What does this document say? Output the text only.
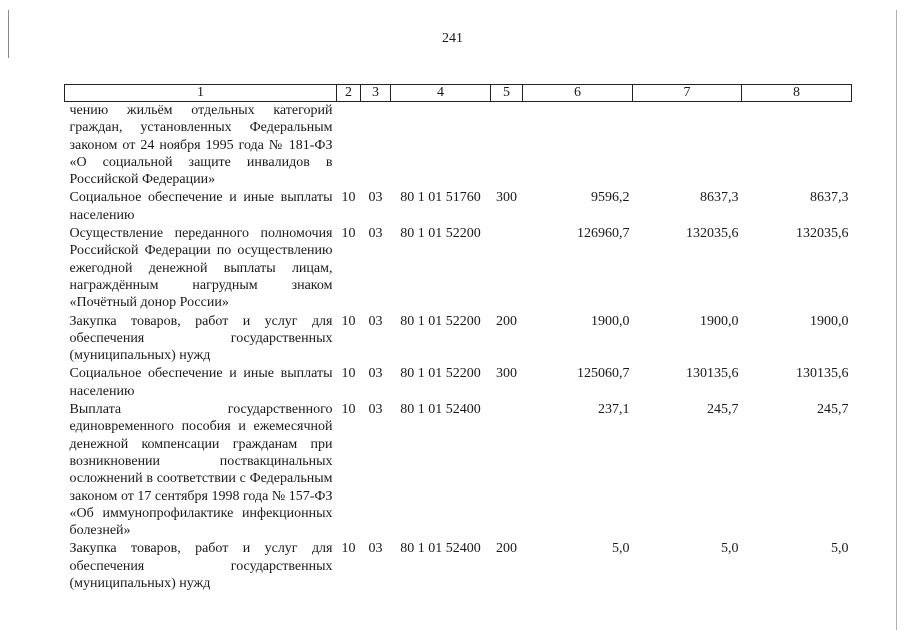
241
1	2	3	4	5	6	7	8
чению жильём отдельных категорий граждан, установленных Федеральным законом от 24 ноября 1995 года № 181-ФЗ «О социальной защите инвалидов в Российской Федерации»							
Социальное обеспечение и иные выплаты населению	10	03	80 1 01 51760	300	9596,2	8637,3	8637,3
Осуществление переданного полномочия Российской Федерации по осуществлению ежегодной денежной выплаты лицам, награждённым нагрудным знаком «Почётный донор России»	10	03	80 1 01 52200		126960,7	132035,6	132035,6
Закупка товаров, работ и услуг для обеспечения государственных (муниципальных) нужд	10	03	80 1 01 52200	200	1900,0	1900,0	1900,0
Социальное обеспечение и иные выплаты населению	10	03	80 1 01 52200	300	125060,7	130135,6	130135,6
Выплата государственного единовременного пособия и ежемесячной денежной компенсации гражданам при возникновении поствакцинальных осложнений в соответствии с Федеральным законом от 17 сентября 1998 года № 157-ФЗ «Об иммунопрофилактике инфекционных болезней»	10	03	80 1 01 52400		237,1	245,7	245,7
Закупка товаров, работ и услуг для обеспечения государственных (муниципальных) нужд	10	03	80 1 01 52400	200	5,0	5,0	5,0
